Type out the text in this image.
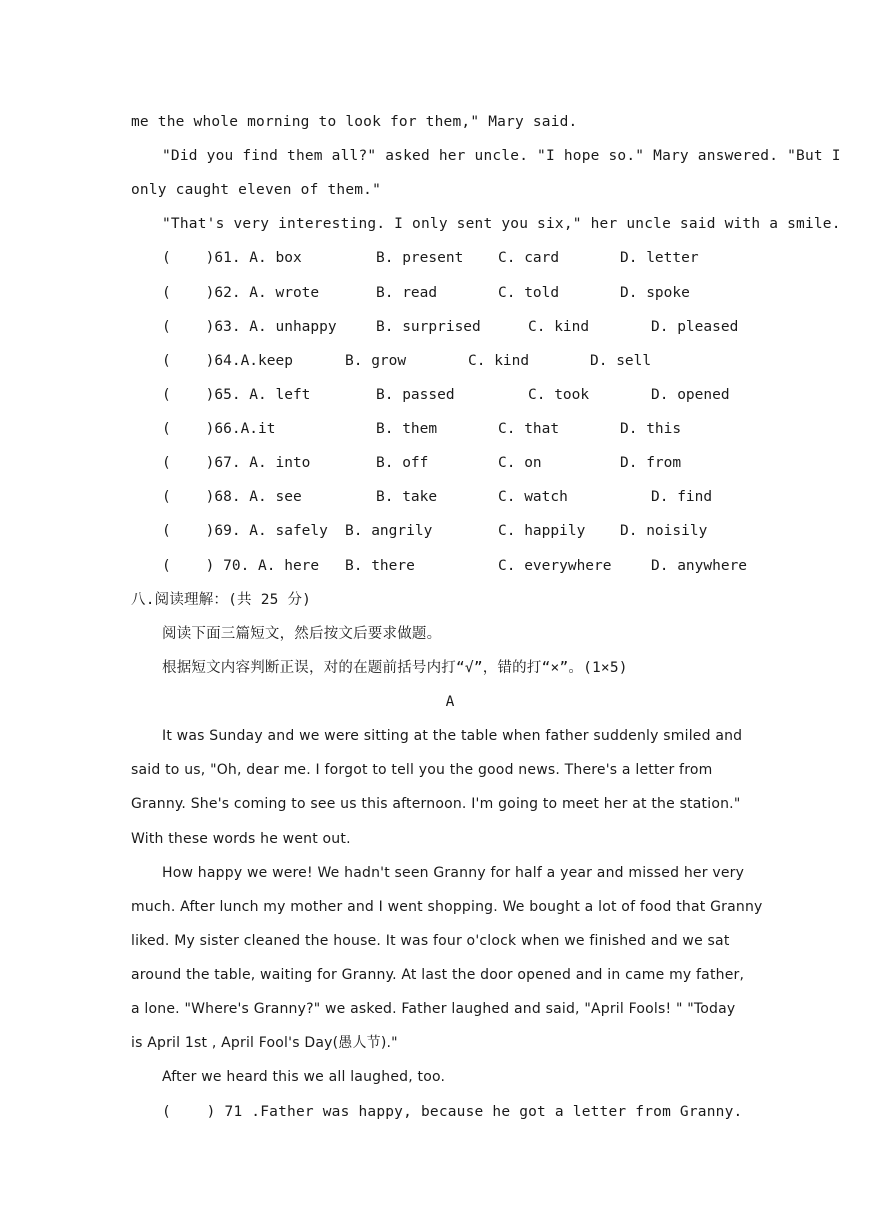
me the whole morning to look for them," Mary said.
"Did you find them all?" asked her uncle. "I hope so." Mary answered. "But I
only caught eleven of them."
"That's very interesting. I only sent you six," her uncle said with a smile.
(    )61. A. box	B. present C. card	D. letter
(    )62. A. wrote	B. read	C. told	D. spoke
(    )63. A. unhappy	B. surprised	C. kind	D. pleased
(    )64.A.keep	B. grow	C. kind	D. sell
(    )65. A. left	B. passed	C. took	D. opened
(    )66.A.it	B. them	C. that	D. this
(    )67. A. into	B. off	C. on	D. from
(    )68. A. see	B. take	C. watch	D. find
(    )69. A. safely B. angrily	C. happily D. noisily
(    ) 70. A. here B. there	C. everywhere	D. anywhere
八.阅读理解：(共 25 分)
阅读下面三篇短文，然后按文后要求做题。
根据短文内容判断正误，对的在题前括号内打“√”，错的打“×”。(1×5)
A
It was Sunday and we were sitting at the table when father suddenly smiled and
said to us, "Oh, dear me. I forgot to tell you the good news. There's a letter from
Granny. She's coming to see us this afternoon. I'm going to meet her at the station."
With these words he went out.
How happy we were! We hadn't seen Granny for half a year and missed her very
much. After lunch my mother and I went shopping. We bought a lot of food that Granny
liked. My sister cleaned the house. It was four o'clock when we finished and we sat
around the table, waiting for Granny. At last the door opened and in came my father,
a lone. "Where's Granny?" we asked. Father laughed and said, "April Fools! " "Today
is April 1st , April Fool's Day(愚人节)."
After we heard this we all laughed, too.
(    ) 71 .Father was happy, because he got a letter from Granny.
